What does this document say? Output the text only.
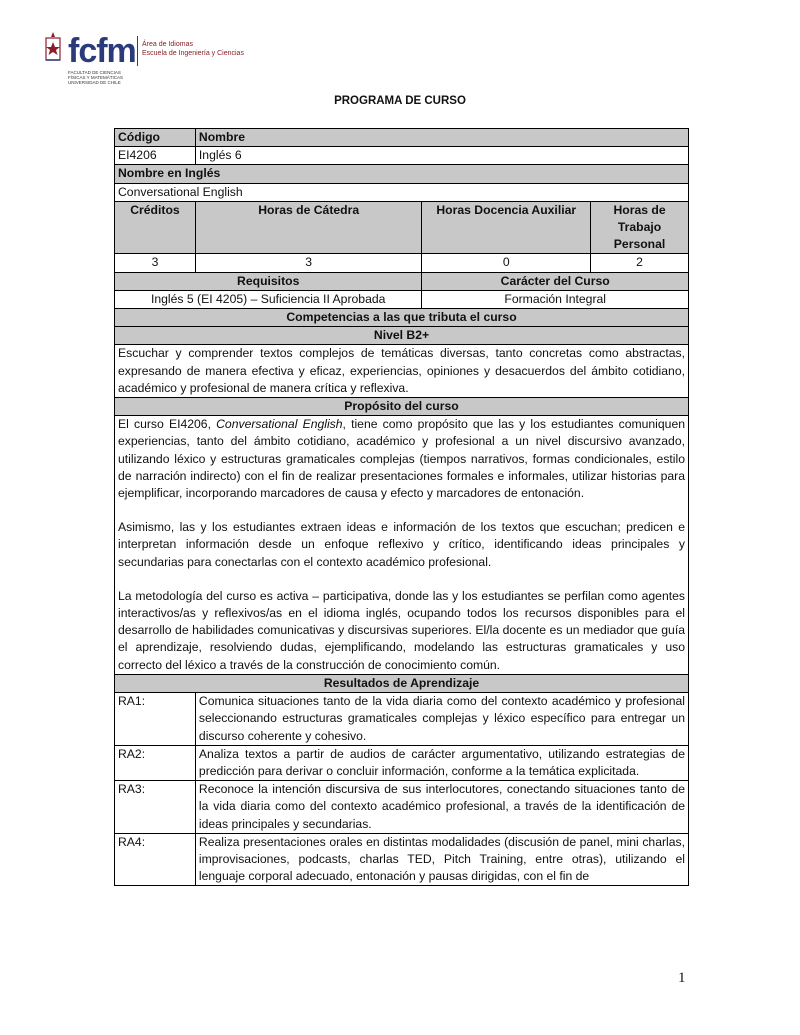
fcfm Área de Idiomas
Escuela de Ingeniería y Ciencias
FACULTAD DE CIENCIAS
FÍSICAS Y MATEMÁTICAS
UNIVERSIDAD DE CHILE
PROGRAMA DE CURSO
Código	Nombre		
EI4206	Inglés 6		
Nombre en Inglés			
Conversational English			
Créditos	Horas de Cátedra	Horas Docencia Auxiliar	Horas de Trabajo Personal
3	3	0	2
Requisitos		Carácter del Curso	
Inglés 5 (EI 4205) – Suficiencia II Aprobada		Formación Integral	
Competencias a las que tributa el curso			
Nivel B2+			
Escuchar y comprender textos complejos de temáticas diversas, tanto concretas como abstractas, expresando de manera efectiva y eficaz, experiencias, opiniones y desacuerdos del ámbito cotidiano, académico y profesional de manera crítica y reflexiva.			
Propósito del curso			

El curso EI4206, Conversational English, tiene como propósito que las y los estudiantes comuniquen experiencias, tanto del ámbito cotidiano, académico y profesional a un nivel discursivo avanzado, utilizando léxico y estructuras gramaticales complejas (tiempos narrativos, formas condicionales, estilo de narración indirecto) con el fin de realizar presentaciones formales e informales, utilizar historias para ejemplificar, incorporando marcadores de causa y efecto y marcadores de entonación.

Asimismo, las y los estudiantes extraen ideas e información de los textos que escuchan; predicen e interpretan información desde un enfoque reflexivo y crítico, identificando ideas principales y secundarias para conectarlas con el contexto académico profesional.

La metodología del curso es activa – participativa, donde las y los estudiantes se perfilan como agentes interactivos/as y reflexivos/as en el idioma inglés, ocupando todos los recursos disponibles para el desarrollo de habilidades comunicativas y discursivas superiores. El/la docente es un mediador que guía el aprendizaje, resolviendo dudas, ejemplificando, modelando las estructuras gramaticales y uso correcto del léxico a través de la construcción de conocimiento común.			

Resultados de Aprendizaje			
RA1:	Comunica situaciones tanto de la vida diaria como del contexto académico y profesional seleccionando estructuras gramaticales complejas y léxico específico para entregar un discurso coherente y cohesivo.		
RA2:	Analiza textos a partir de audios de carácter argumentativo, utilizando estrategias de predicción para derivar o concluir información, conforme a la temática explicitada.		
RA3:	Reconoce la intención discursiva de sus interlocutores, conectando situaciones tanto de la vida diaria como del contexto académico profesional, a través de la identificación de ideas principales y secundarias.		
RA4:	Realiza presentaciones orales en distintas modalidades (discusión de panel, mini charlas, improvisaciones, podcasts, charlas TED, Pitch Training, entre otras), utilizando el lenguaje corporal adecuado, entonación y pausas dirigidas, con el fin de		
1
